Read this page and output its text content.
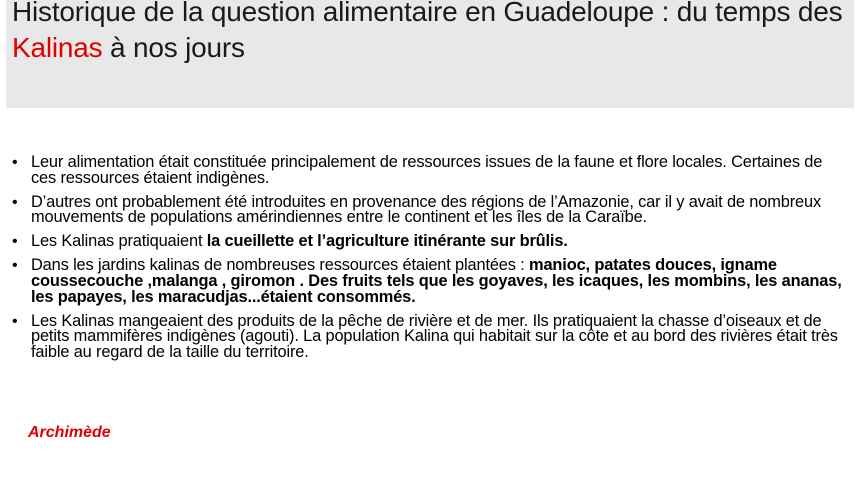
Historique de la question alimentaire en Guadeloupe : du temps des Kalinas à nos jours
• Leur alimentation était constituée principalement de ressources issues de la faune et flore locales. Certaines de ces ressources étaient indigènes.
• D’autres ont probablement été introduites en provenance des régions de l’Amazonie, car il y avait de nombreux mouvements de populations amérindiennes entre le continent et les îles de la Caraïbe.
• Les Kalinas pratiquaient la cueillette et l’agriculture itinérante sur brûlis.
• Dans les jardins kalinas de nombreuses ressources étaient plantées : manioc, patates douces, igname coussecouche ,malanga , giromon . Des fruits tels que les goyaves, les icaques, les mombins, les ananas, les papayes, les maracudjas...étaient consommés.
• Les Kalinas mangeaient des produits de la pêche de rivière et de mer. Ils pratiquaient la chasse d’oiseaux et de petits mammifères indigènes (agouti). La population Kalina qui habitait sur la côte et au bord des rivières était très faible au regard de la taille du territoire.
Archimède
